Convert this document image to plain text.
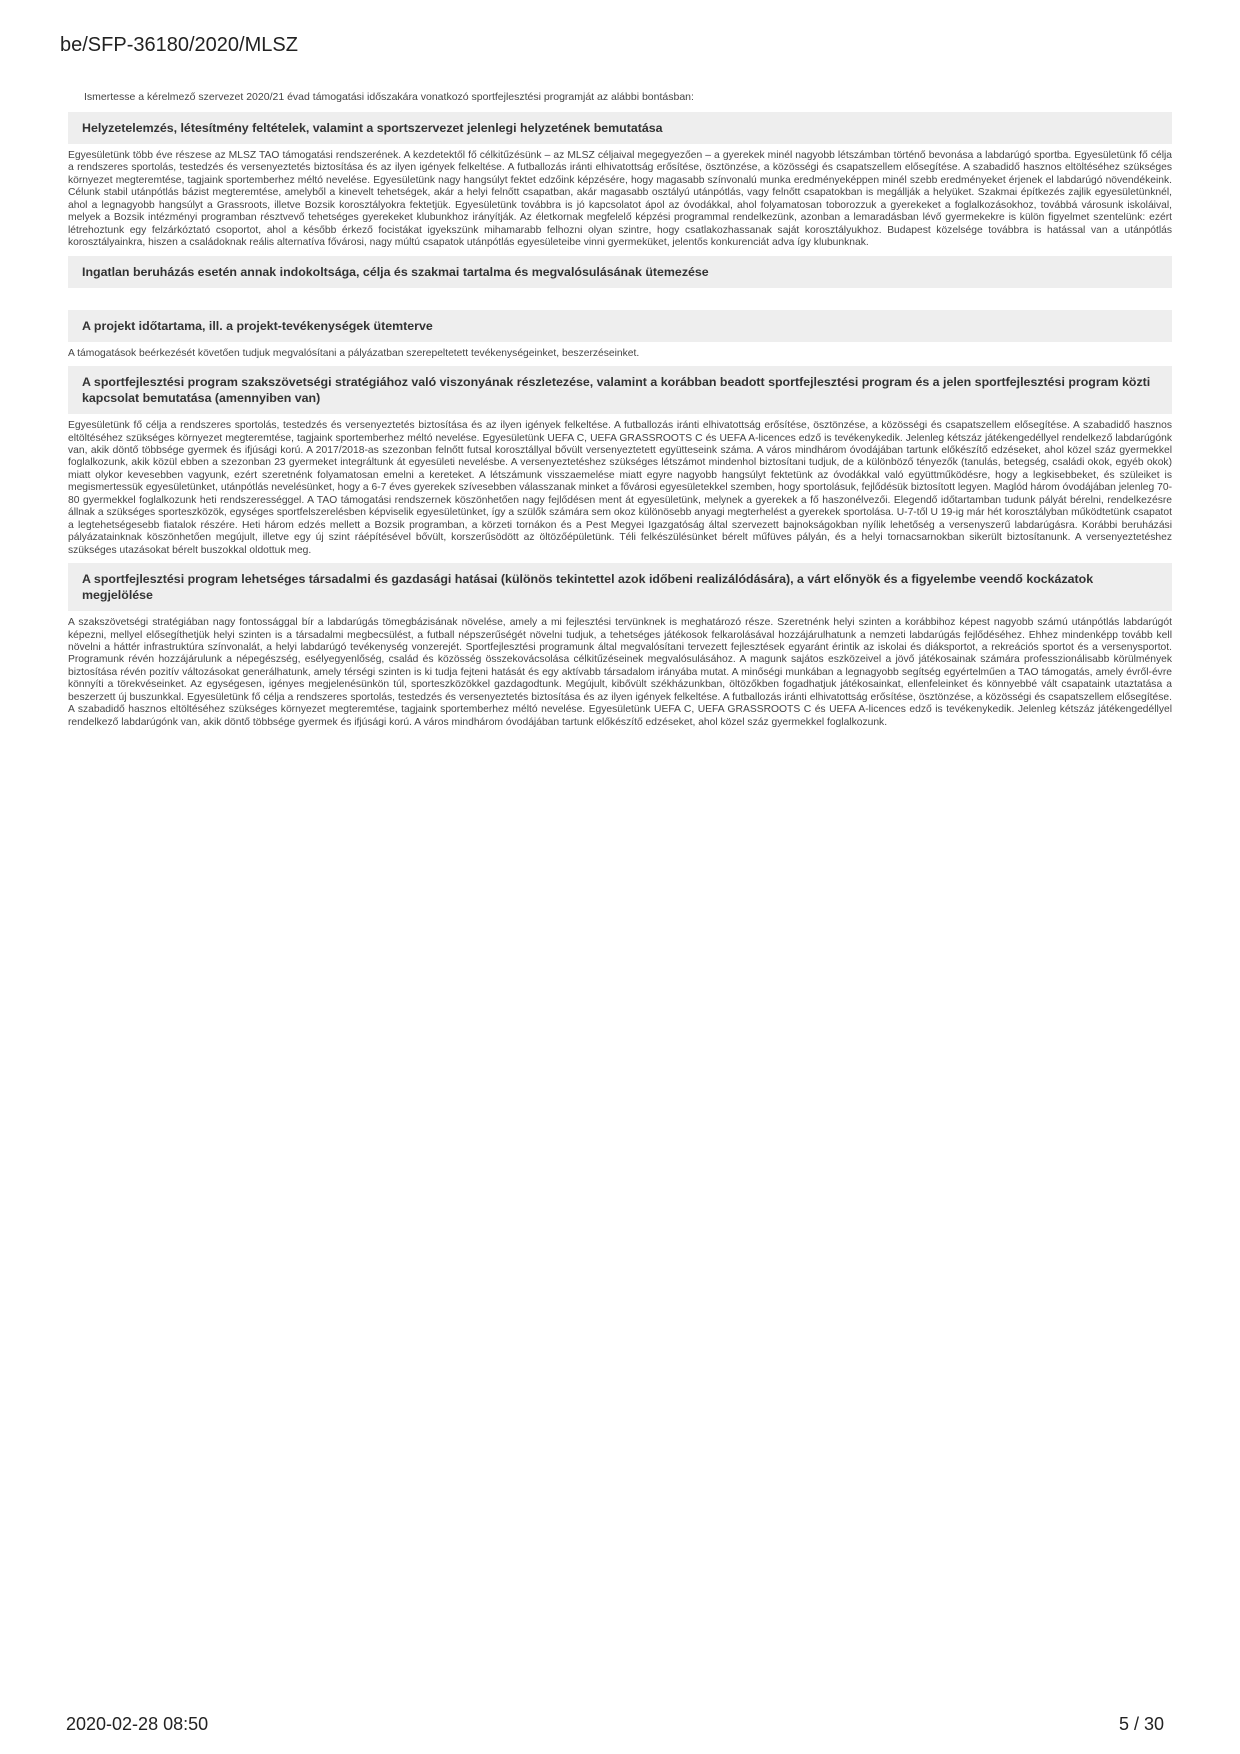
be/SFP-36180/2020/MLSZ
Ismertesse a kérelmező szervezet 2020/21 évad támogatási időszakára vonatkozó sportfejlesztési programját az alábbi bontásban:
Helyzetelemzés, létesítmény feltételek, valamint a sportszervezet jelenlegi helyzetének bemutatása
Egyesületünk több éve részese az MLSZ TAO támogatási rendszerének. A kezdetektől fő célkitűzésünk – az MLSZ céljaival megegyezően – a gyerekek minél nagyobb létszámban történő bevonása a labdarúgó sportba. Egyesületünk fő célja a rendszeres sportolás, testedzés és versenyeztetés biztosítása és az ilyen igények felkeltése. A futballozás iránti elhivatottság erősítése, ösztönzése, a közösségi és csapatszellem elősegítése. A szabadidő hasznos eltöltéséhez szükséges környezet megteremtése, tagjaink sportemberhez méltó nevelése. Egyesületünk nagy hangsúlyt fektet edzőink képzésére, hogy magasabb színvonalú munka eredményeképpen minél szebb eredményeket érjenek el labdarúgó növendékeink. Célunk stabil utánpótlás bázist megteremtése, amelyből a kinevelt tehetségek, akár a helyi felnőtt csapatban, akár magasabb osztályú utánpótlás, vagy felnőtt csapatokban is megállják a helyüket. Szakmai építkezés zajlik egyesületünknél, ahol a legnagyobb hangsúlyt a Grassroots, illetve Bozsik korosztályokra fektetjük. Egyesületünk továbbra is jó kapcsolatot ápol az óvodákkal, ahol folyamatosan toborozzuk a gyerekeket a foglalkozásokhoz, továbbá városunk iskoláival, melyek a Bozsik intézményi programban résztvevő tehetséges gyerekeket klubunkhoz irányítják. Az életkornak megfelelő képzési programmal rendelkezünk, azonban a lemaradásban lévő gyermekekre is külön figyelmet szentelünk: ezért létrehoztunk egy felzárkóztató csoportot, ahol a később érkező focistákat igyekszünk mihamarabb felhozni olyan szintre, hogy csatlakozhassanak saját korosztályukhoz. Budapest közelsége továbbra is hatással van a utánpótlás korosztályainkra, hiszen a családoknak reális alternatíva fővárosi, nagy múltú csapatok utánpótlás egyesületeibe vinni gyermeküket, jelentős konkurenciát adva így klubunknak.
Ingatlan beruházás esetén annak indokoltsága, célja és szakmai tartalma és megvalósulásának ütemezése
A projekt időtartama, ill. a projekt-tevékenységek ütemterve
A támogatások beérkezését követően tudjuk megvalósítani a pályázatban szerepeltetett tevékenységeinket, beszerzéseinket.
A sportfejlesztési program szakszövetségi stratégiához való viszonyának részletezése, valamint a korábban beadott sportfejlesztési program és a jelen sportfejlesztési program közti kapcsolat bemutatása (amennyiben van)
Egyesületünk fő célja a rendszeres sportolás, testedzés és versenyeztetés biztosítása és az ilyen igények felkeltése. A futballozás iránti elhivatottság erősítése, ösztönzése, a közösségi és csapatszellem elősegítése. A szabadidő hasznos eltöltéséhez szükséges környezet megteremtése, tagjaink sportemberhez méltó nevelése. Egyesületünk UEFA C, UEFA GRASSROOTS C és UEFA A-licences edző is tevékenykedik. Jelenleg kétszáz játékengedéllyel rendelkező labdarúgónk van, akik döntő többsége gyermek és ifjúsági korú. A 2017/2018-as szezonban felnőtt futsal korosztállyal bővült versenyeztetett együtteseink száma. A város mindhárom óvodájában tartunk előkészítő edzéseket, ahol közel száz gyermekkel foglalkozunk, akik közül ebben a szezonban 23 gyermeket integráltunk át egyesületi nevelésbe. A versenyeztetéshez szükséges létszámot mindenhol biztosítani tudjuk, de a különböző tényezők (tanulás, betegség, családi okok, egyéb okok) miatt olykor kevesebben vagyunk, ezért szeretnénk folyamatosan emelni a kereteket. A létszámunk visszaemelése miatt egyre nagyobb hangsúlyt fektetünk az óvodákkal való együttműködésre, hogy a legkisebbeket, és szüleiket is megismertessük egyesületünket, utánpótlás nevelésünket, hogy a 6-7 éves gyerekek szívesebben válasszanak minket a fővárosi egyesületekkel szemben, hogy sportolásuk, fejlődésük biztosított legyen. Maglód három óvodájában jelenleg 70-80 gyermekkel foglalkozunk heti rendszerességgel. A TAO támogatási rendszernek köszönhetően nagy fejlődésen ment át egyesületünk, melynek a gyerekek a fő haszonélvezői. Elegendő időtartamban tudunk pályát bérelni, rendelkezésre állnak a szükséges sporteszközök, egységes sportfelszerelésben képviselik egyesületünket, így a szülők számára sem okoz különösebb anyagi megterhelést a gyerekek sportolása. U-7-től U 19-ig már hét korosztályban működtetünk csapatot a legtehetségesebb fiatalok részére. Heti három edzés mellett a Bozsik programban, a körzeti tornákon és a Pest Megyei Igazgatóság által szervezett bajnokságokban nyílik lehetőség a versenyszerű labdarúgásra. Korábbi beruházási pályázatainknak köszönhetően megújult, illetve egy új szint ráépítésével bővült, korszerűsödött az öltözőépületünk. Téli felkészülésünket bérelt műfüves pályán, és a helyi tornacsarnokban sikerült biztosítanunk. A versenyeztetéshez szükséges utazásokat bérelt buszokkal oldottuk meg.
A sportfejlesztési program lehetséges társadalmi és gazdasági hatásai (különös tekintettel azok időbeni realizálódására), a várt előnyök és a figyelembe veendő kockázatok megjelölése
A szakszövetségi stratégiában nagy fontossággal bír a labdarúgás tömegbázisának növelése, amely a mi fejlesztési tervünknek is meghatározó része. Szeretnénk helyi szinten a korábbihoz képest nagyobb számú utánpótlás labdarúgót képezni, mellyel elősegíthetjük helyi szinten is a társadalmi megbecsülést, a futball népszerűségét növelni tudjuk, a tehetséges játékosok felkarolásával hozzájárulhatunk a nemzeti labdarúgás fejlődéséhez. Ehhez mindenképp tovább kell növelni a háttér infrastruktúra színvonalát, a helyi labdarúgó tevékenység vonzerejét. Sportfejlesztési programunk által megvalósítani tervezett fejlesztések egyaránt érintik az iskolai és diáksportot, a rekreációs sportot és a versenysportot. Programunk révén hozzájárulunk a népegészség, esélyegyenlőség, család és közösség összekovácsolása célkitűzéseinek megvalósulásához. A magunk sajátos eszközeivel a jövő játékosainak számára professzionálisabb körülmények biztosítása révén pozitív változásokat generálhatunk, amely térségi szinten is ki tudja fejteni hatását és egy aktívabb társadalom irányába mutat. A minőségi munkában a legnagyobb segítség egyértelműen a TAO támogatás, amely évről-évre könnyíti a törekvéseinket. Az egységesen, igényes megjelenésünkön túl, sporteszközökkel gazdagodtunk. Megújult, kibővült székházunkban, öltözőkben fogadhatjuk játékosainkat, ellenfeleinket és könnyebbé vált csapataink utaztatása a beszerzett új buszunkkal. Egyesületünk fő célja a rendszeres sportolás, testedzés és versenyeztetés biztosítása és az ilyen igények felkeltése. A futballozás iránti elhivatottság erősítése, ösztönzése, a közösségi és csapatszellem elősegítése. A szabadidő hasznos eltöltéséhez szükséges környezet megteremtése, tagjaink sportemberhez méltó nevelése. Egyesületünk UEFA C, UEFA GRASSROOTS C és UEFA A-licences edző is tevékenykedik. Jelenleg kétszáz játékengedéllyel rendelkező labdarúgónk van, akik döntő többsége gyermek és ifjúsági korú. A város mindhárom óvodájában tartunk előkészítő edzéseket, ahol közel száz gyermekkel foglalkozunk.
2020-02-28 08:50	5 / 30
